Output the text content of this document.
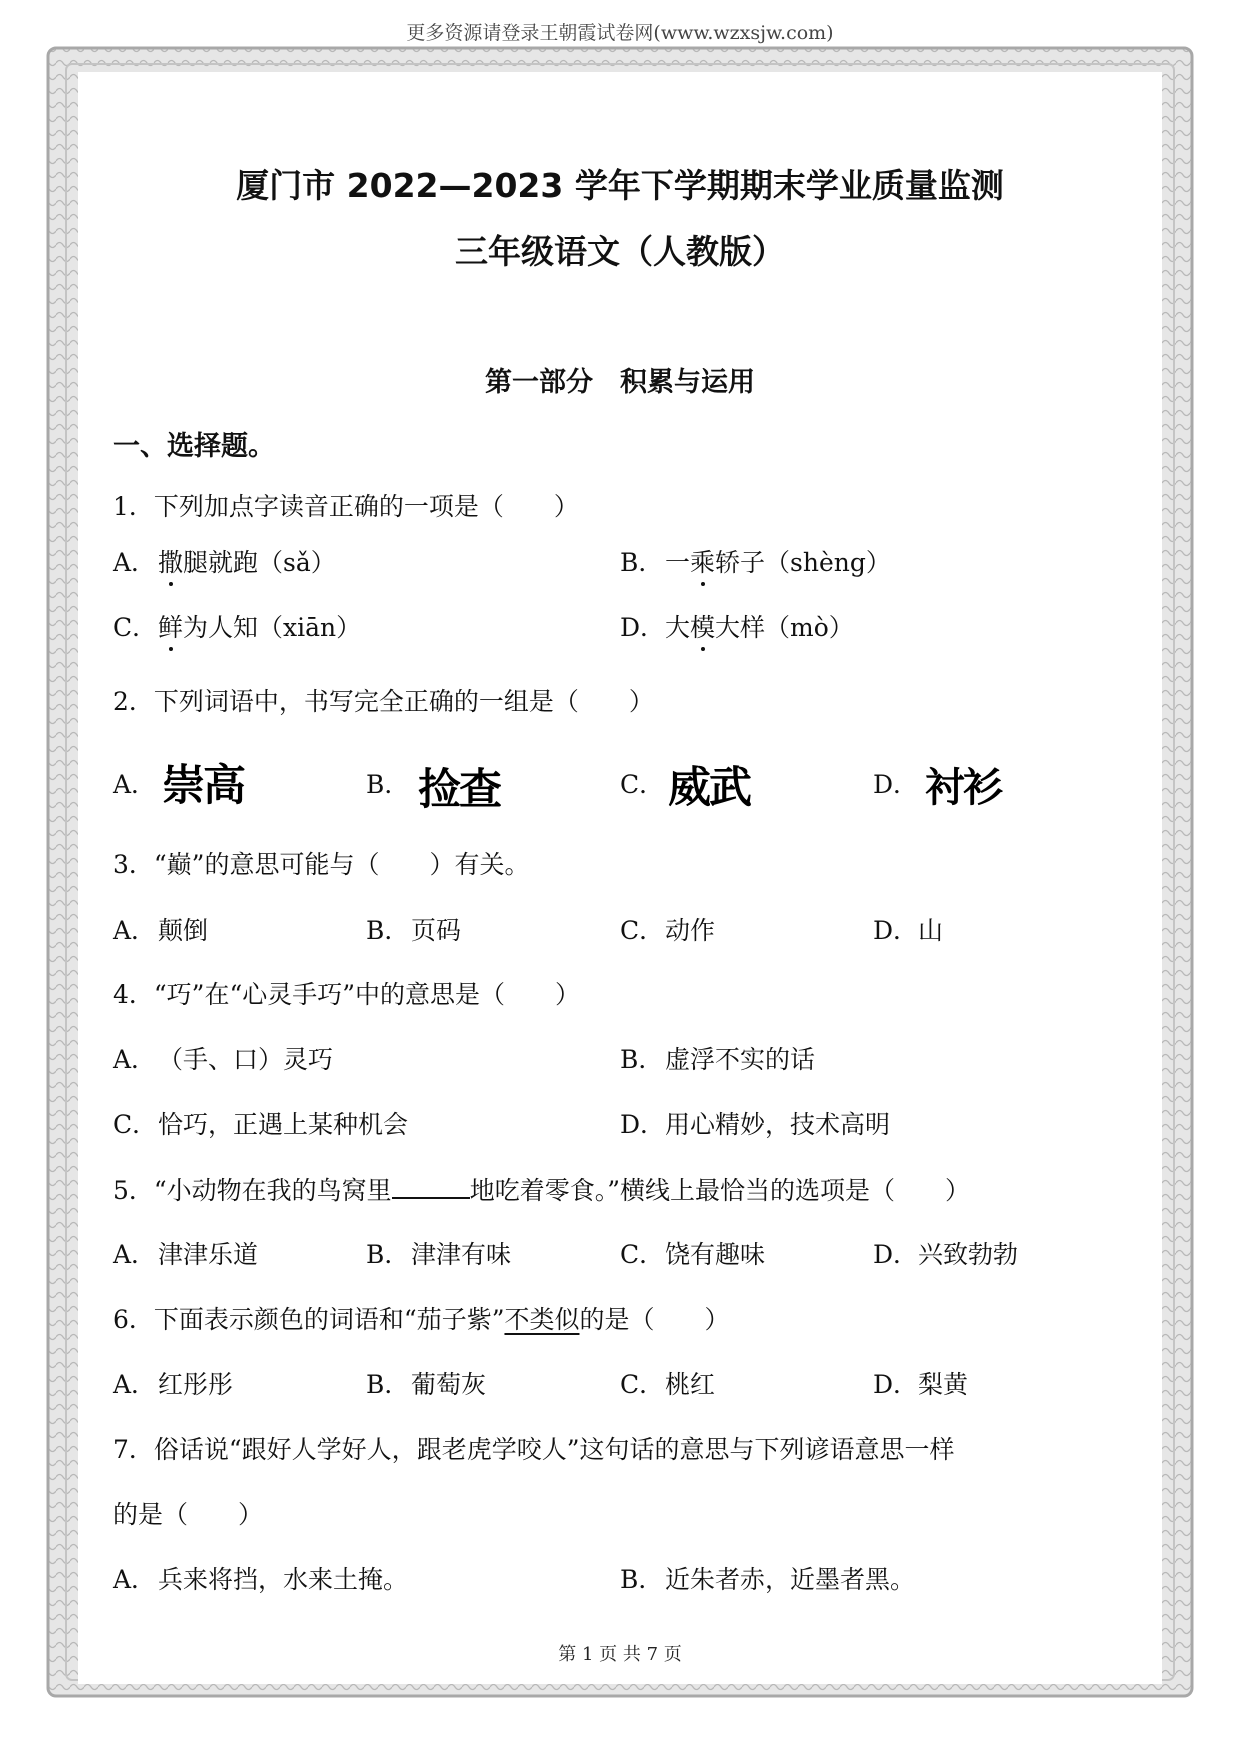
更多资源请登录王朝霞试卷网(www.wzxsjw.com)
厦门市 2022—2023 学年下学期期末学业质量监测
三年级语文（人教版）
第一部分　积累与运用
一、选择题。
1．下列加点字读音正确的一项是（　　）
A．撒腿就跑（sǎ）	B．一乘轿子（shèng）
C．鲜为人知（xiān）	D．大模大样（mò）
2．下列词语中，书写完全正确的一组是（　　）
A． 崇高	B． 捡查	C． 威武	D． 衬衫
3．“巅”的意思可能与（　　）有关。
A．颠倒	B．页码	C．动作	D．山
4．“巧”在“心灵手巧”中的意思是（　　）
A．（手、口）灵巧	B．虚浮不实的话
C．恰巧，正遇上某种机会	D．用心精妙，技术高明
5．“小动物在我的鸟窝里	地吃着零食。”横线上最恰当的选项是（　　）
A．津津乐道	B．津津有味	C．饶有趣味	D．兴致勃勃
6．下面表示颜色的词语和“茄子紫”不类似的是（　　）
A．红彤彤	B．葡萄灰	C．桃红	D．梨黄
7．俗话说“跟好人学好人，跟老虎学咬人”这句话的意思与下列谚语意思一样
的是（　　）
A．兵来将挡，水来土掩。	B．近朱者赤，近墨者黑。
第 1 页 共 7 页
